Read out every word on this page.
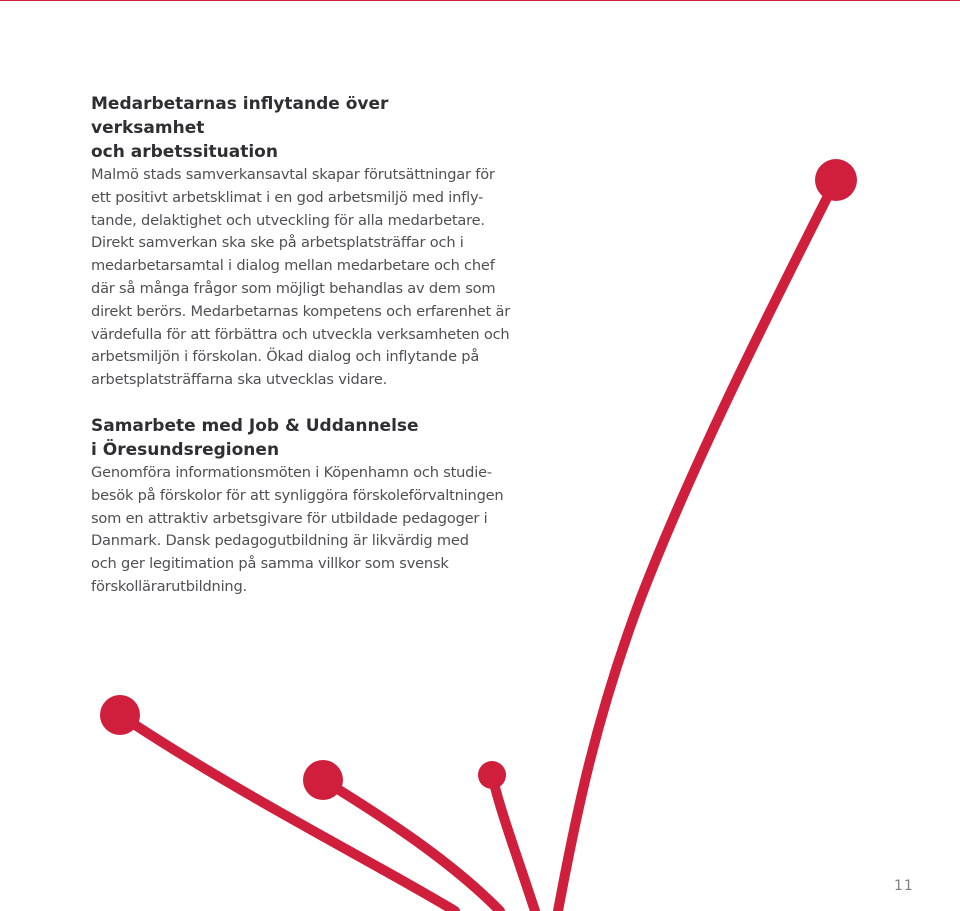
Medarbetarnas inflytande över verksamhet
och arbetssituation

Malmö stads samverkansavtal skapar förutsättningar för
ett positivt arbetsklimat i en god arbetsmiljö med infly-
tande, delaktighet och utveckling för alla medarbetare.
Direkt samverkan ska ske på arbetsplatsträffar och i
medarbetarsamtal i dialog mellan medarbetare och chef
där så många frågor som möjligt behandlas av dem som
direkt berörs. Medarbetarnas kompetens och erfarenhet är
värdefulla för att förbättra och utveckla verksamheten och
arbetsmiljön i förskolan. Ökad dialog och inflytande på
arbetsplatsträffarna ska utvecklas vidare.

Samarbete med Job & Uddannelse
i Öresundsregionen

Genomföra informationsmöten i Köpenhamn och studie-
besök på förskolor för att synliggöra förskoleförvaltningen
som en attraktiv arbetsgivare för utbildade pedagoger i
Danmark. Dansk pedagogutbildning är likvärdig med
och ger legitimation på samma villkor som svensk
förskollärarutbildning.	4. REKRYTERING, LÖNE- OCH ANSTÄLLNINGSVILLKOR
11
